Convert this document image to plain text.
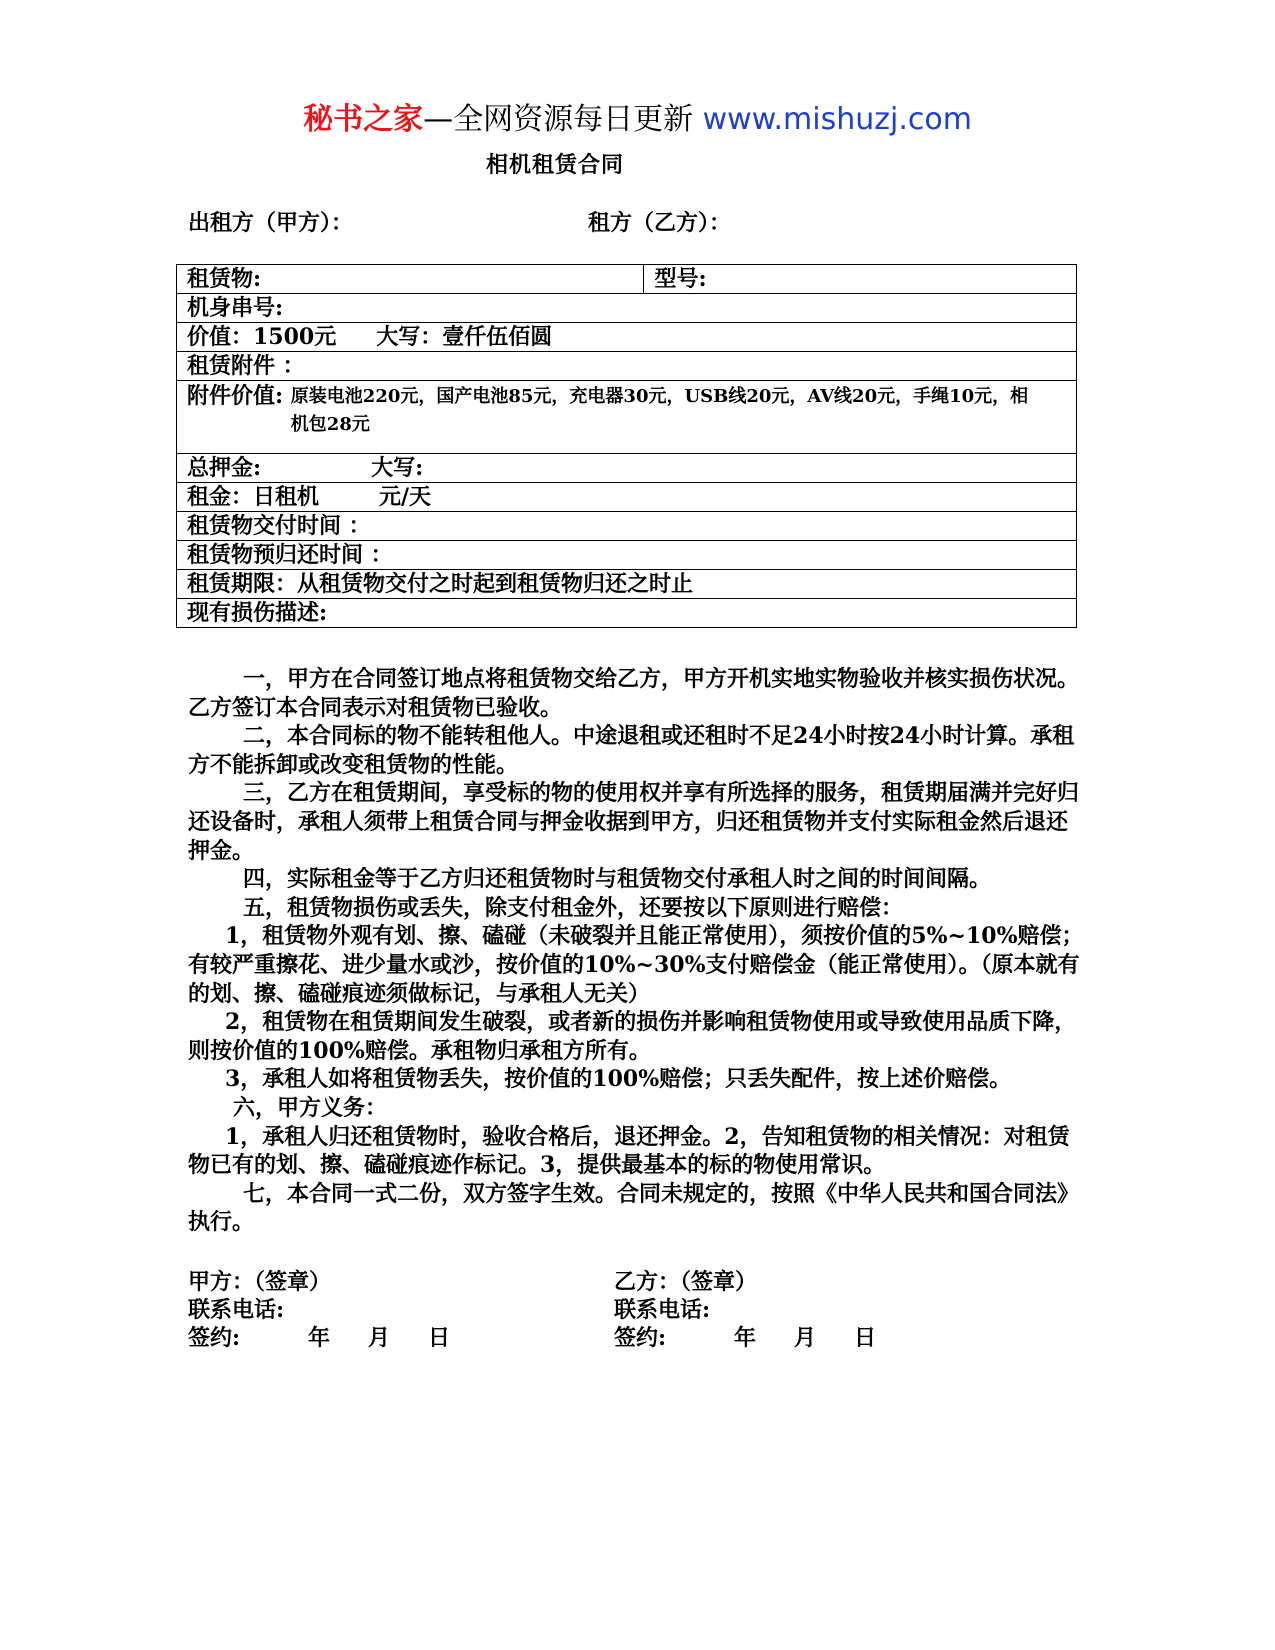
秘书之家—全网资源每日更新 www.mishuzj.com
相机租赁合同
出租方（甲方）：	租方（乙方）：
租赁物:	型号:
机身串号:
价值：1500元 大写：壹仟伍佰圆
租赁附件 ：
附件价值: 原装电池220元，国产电池85元，充电器30元，USB线20元，AV线20元，手绳10元，相机包28元
总押金:	大写:
租金：日租机	元/天
租赁物交付时间 ：
租赁物预归还时间 ：
租赁期限：从租赁物交付之时起到租赁物归还之时止
现有损伤描述:

一，甲方在合同签订地点将租赁物交给乙方，甲方开机实地实物验收并核实损伤状况。乙方签订本合同表示对租赁物已验收。

二，本合同标的物不能转租他人。中途退租或还租时不足24小时按24小时计算。承租方不能拆卸或改变租赁物的性能。

三，乙方在租赁期间，享受标的物的使用权并享有所选择的服务，租赁期届满并完好归还设备时，承租人须带上租赁合同与押金收据到甲方，归还租赁物并支付实际租金然后退还押金。

四，实际租金等于乙方归还租赁物时与租赁物交付承租人时之间的时间间隔。

五，租赁物损伤或丢失，除支付租金外，还要按以下原则进行赔偿：

1，租赁物外观有划、擦、磕碰（未破裂并且能正常使用），须按价值的5%~10%赔偿；有较严重擦花、进少量水或沙，按价值的10%~30%支付赔偿金（能正常使用）。（原本就有的划、擦、磕碰痕迹须做标记，与承租人无关）

2，租赁物在租赁期间发生破裂，或者新的损伤并影响租赁物使用或导致使用品质下降，则按价值的100%赔偿。承租物归承租方所有。

3，承租人如将租赁物丢失，按价值的100%赔偿；只丢失配件，按上述价赔偿。

六，甲方义务：

1，承租人归还租赁物时，验收合格后，退还押金。2，告知租赁物的相关情况：对租赁物已有的划、擦、磕碰痕迹作标记。3，提供最基本的标的物使用常识。

七，本合同一式二份，双方签字生效。合同未规定的，按照《中华人民共和国合同法》执行。

甲方：（签章）
联系电话:
签约:	年 月 日
乙方：（签章）
联系电话:
签约:	年 月 日
